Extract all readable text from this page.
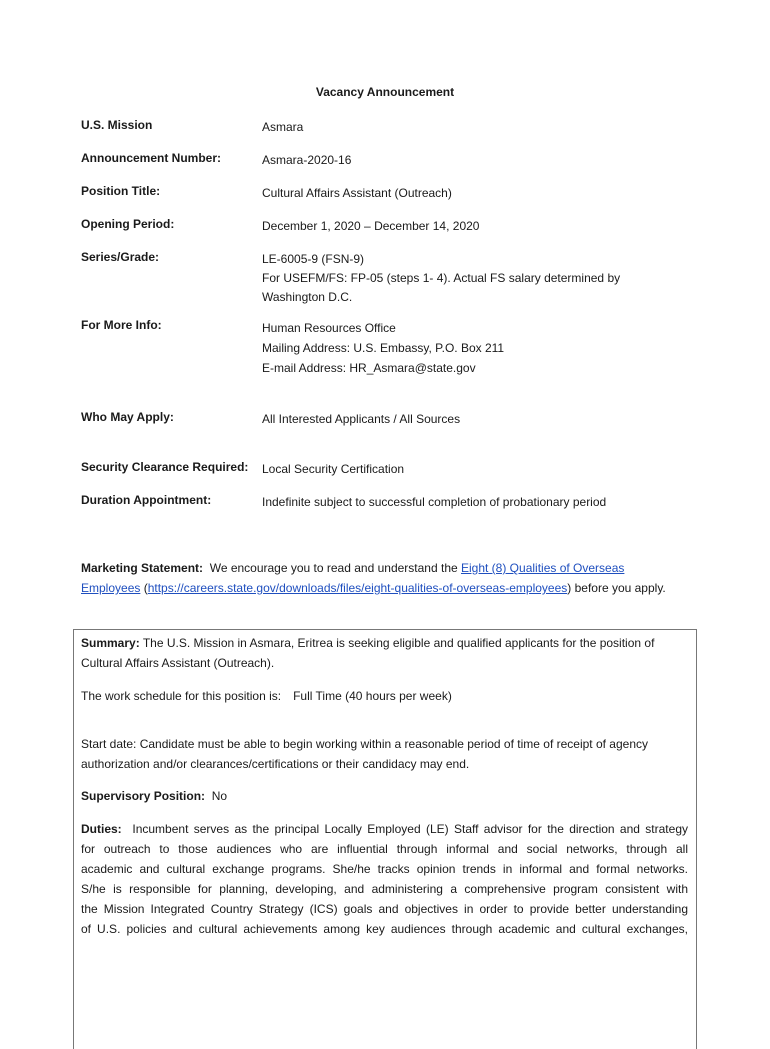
Vacancy Announcement
U.S. Mission	Asmara
Announcement Number:	Asmara-2020-16
Position Title:	Cultural Affairs Assistant (Outreach)
Opening Period:	December 1, 2020 – December 14, 2020
Series/Grade:	LE-6005-9 (FSN-9)
For USEFM/FS: FP-05 (steps 1- 4). Actual FS salary determined by
Washington D.C.
For More Info:	Human Resources Office
Mailing Address: U.S. Embassy, P.O. Box 211
E-mail Address: HR_Asmara@state.gov
Who May Apply:	All Interested Applicants / All Sources
Security Clearance Required:	Local Security Certification
Duration Appointment:	Indefinite subject to successful completion of probationary period
Marketing Statement: We encourage you to read and understand the Eight (8) Qualities of Overseas Employees (https://careers.state.gov/downloads/files/eight-qualities-of-overseas-employees) before you apply.
Summary: The U.S. Mission in Asmara, Eritrea is seeking eligible and qualified applicants for the position of Cultural Affairs Assistant (Outreach).
The work schedule for this position is: Full Time (40 hours per week)
Start date: Candidate must be able to begin working within a reasonable period of time of receipt of agency authorization and/or clearances/certifications or their candidacy may end.
Supervisory Position: No
Duties: Incumbent serves as the principal Locally Employed (LE) Staff advisor for the direction and strategy
for outreach to those audiences who are influential through informal and social networks, through all
academic and cultural exchange programs. She/he tracks opinion trends in informal and formal networks.
S/he is responsible for planning, developing, and administering a comprehensive program consistent with
the Mission Integrated Country Strategy (ICS) goals and objectives in order to provide better understanding
of U.S. policies and cultural achievements among key audiences through academic and cultural exchanges,
